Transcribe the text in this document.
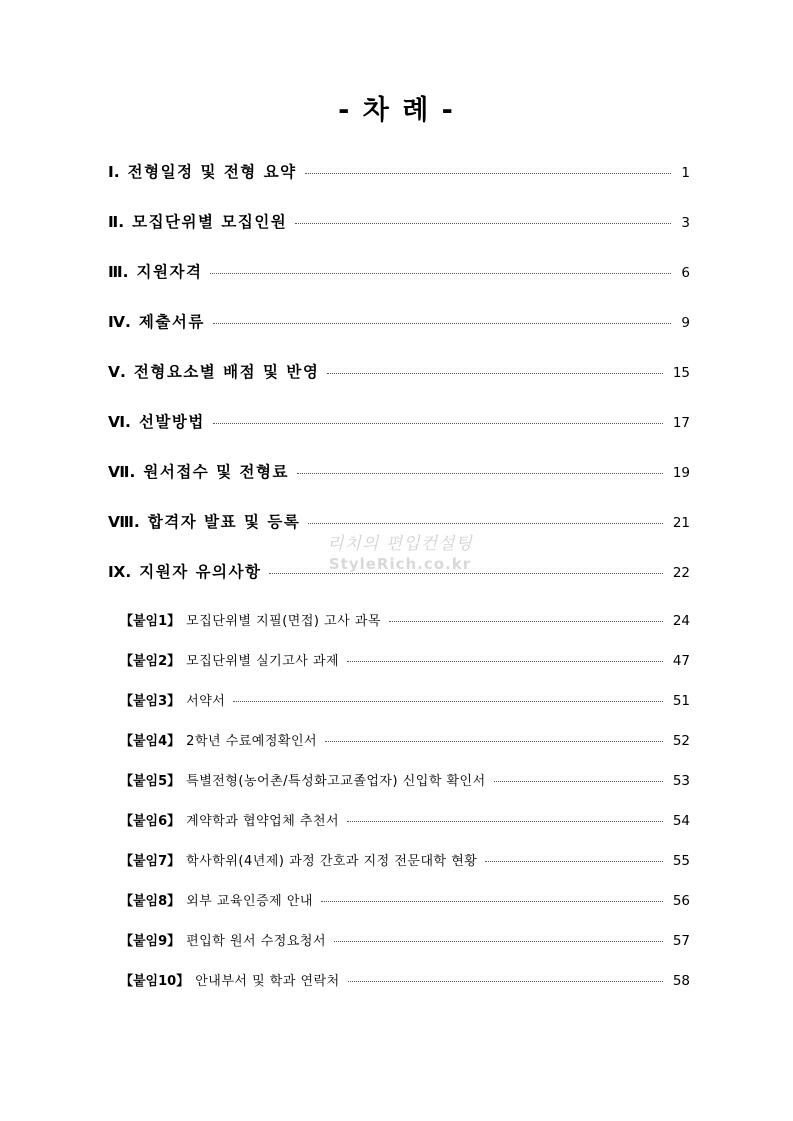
- 차 례 -
Ⅰ. 전형일정 및 전형 요약	1
Ⅱ. 모집단위별 모집인원	3
Ⅲ. 지원자격	6
Ⅳ. 제출서류	9
Ⅴ. 전형요소별 배점 및 반영	15
Ⅵ. 선발방법	17
Ⅶ. 원서접수 및 전형료	19
Ⅷ. 합격자 발표 및 등록	21
Ⅸ. 지원자 유의사항	22
리치의 편입컨설팅
StyleRich.co.kr
【붙임1】 모집단위별 지필(면접) 고사 과목	24
【붙임2】 모집단위별 실기고사 과제	47
【붙임3】 서약서	51
【붙임4】 2학년 수료예정확인서	52
【붙임5】 특별전형(농어촌/특성화고교졸업자) 신입학 확인서	53
【붙임6】 계약학과 협약업체 추천서	54
【붙임7】 학사학위(4년제) 과정 간호과 지정 전문대학 현황	55
【붙임8】 외부 교육인증제 안내	56
【붙임9】 편입학 원서 수정요청서	57
【붙임10】 안내부서 및 학과 연락처	58
